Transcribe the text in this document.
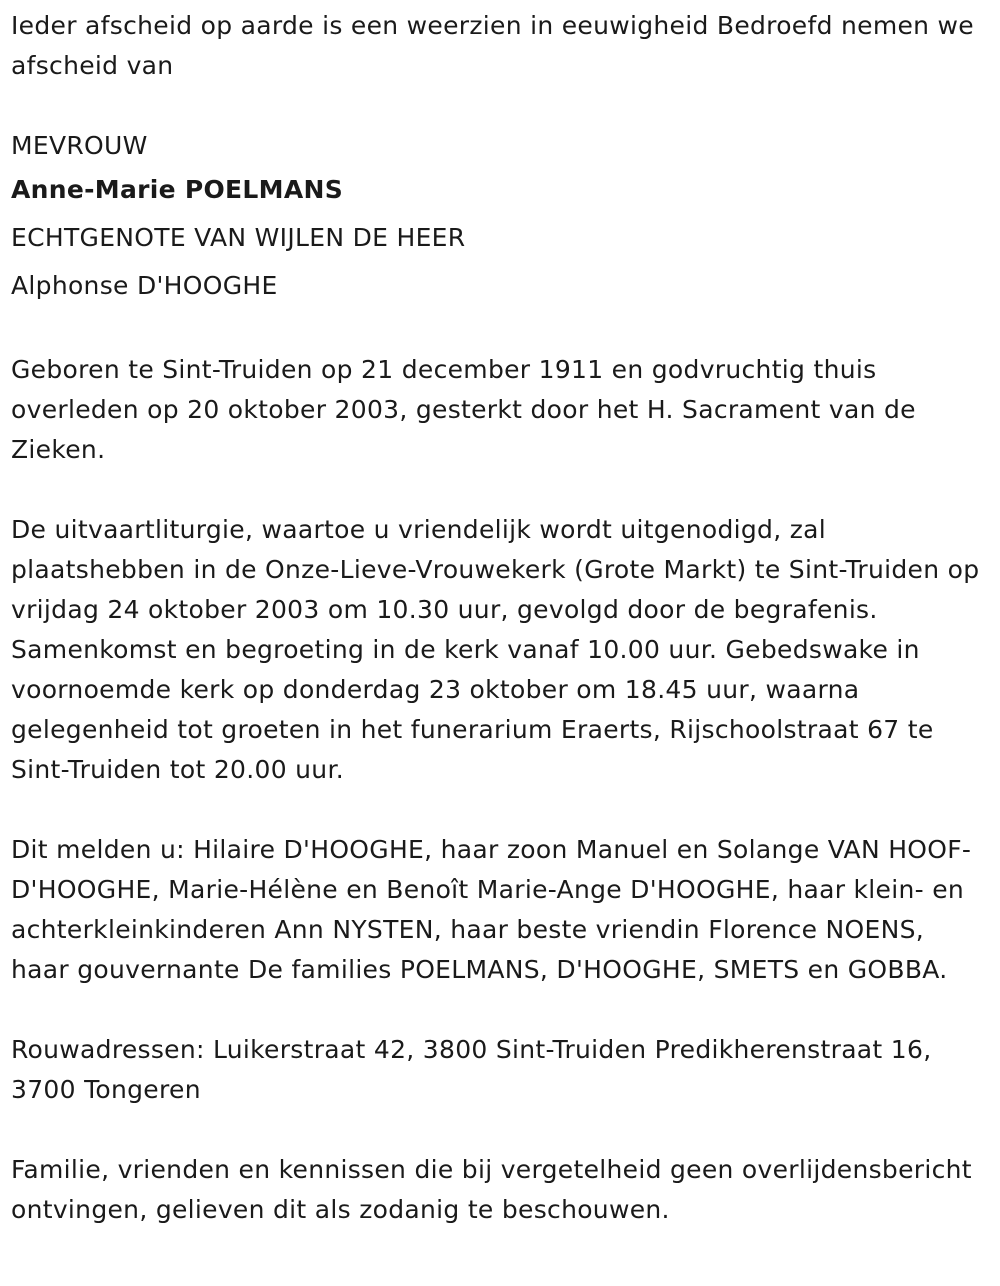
Ieder afscheid op aarde is een weerzien in eeuwigheid Bedroefd nemen we afscheid van

MEVROUW
Anne-Marie POELMANS
ECHTGENOTE VAN WIJLEN DE HEER
Alphonse D'HOOGHE

Geboren te Sint-Truiden op 21 december 1911 en godvruchtig thuis overleden op 20 oktober 2003, gesterkt door het H. Sacrament van de Zieken.

De uitvaartliturgie, waartoe u vriendelijk wordt uitgenodigd, zal plaatshebben in de Onze-Lieve-Vrouwekerk (Grote Markt) te Sint-Truiden op vrijdag 24 oktober 2003 om 10.30 uur, gevolgd door de begrafenis. Samenkomst en begroeting in de kerk vanaf 10.00 uur. Gebedswake in voornoemde kerk op donderdag 23 oktober om 18.45 uur, waarna gelegenheid tot groeten in het funerarium Eraerts, Rijschoolstraat 67 te Sint-Truiden tot 20.00 uur.

Dit melden u: Hilaire D'HOOGHE, haar zoon Manuel en Solange VAN HOOF-D'HOOGHE, Marie-Hélène en Benoît Marie-Ange D'HOOGHE, haar klein- en achterkleinkinderen Ann NYSTEN, haar beste vriendin Florence NOENS, haar gouvernante De families POELMANS, D'HOOGHE, SMETS en GOBBA.

Rouwadressen: Luikerstraat 42, 3800 Sint-Truiden Predikherenstraat 16, 3700 Tongeren

Familie, vrienden en kennissen die bij vergetelheid geen overlijdensbericht ontvingen, gelieven dit als zodanig te beschouwen.
